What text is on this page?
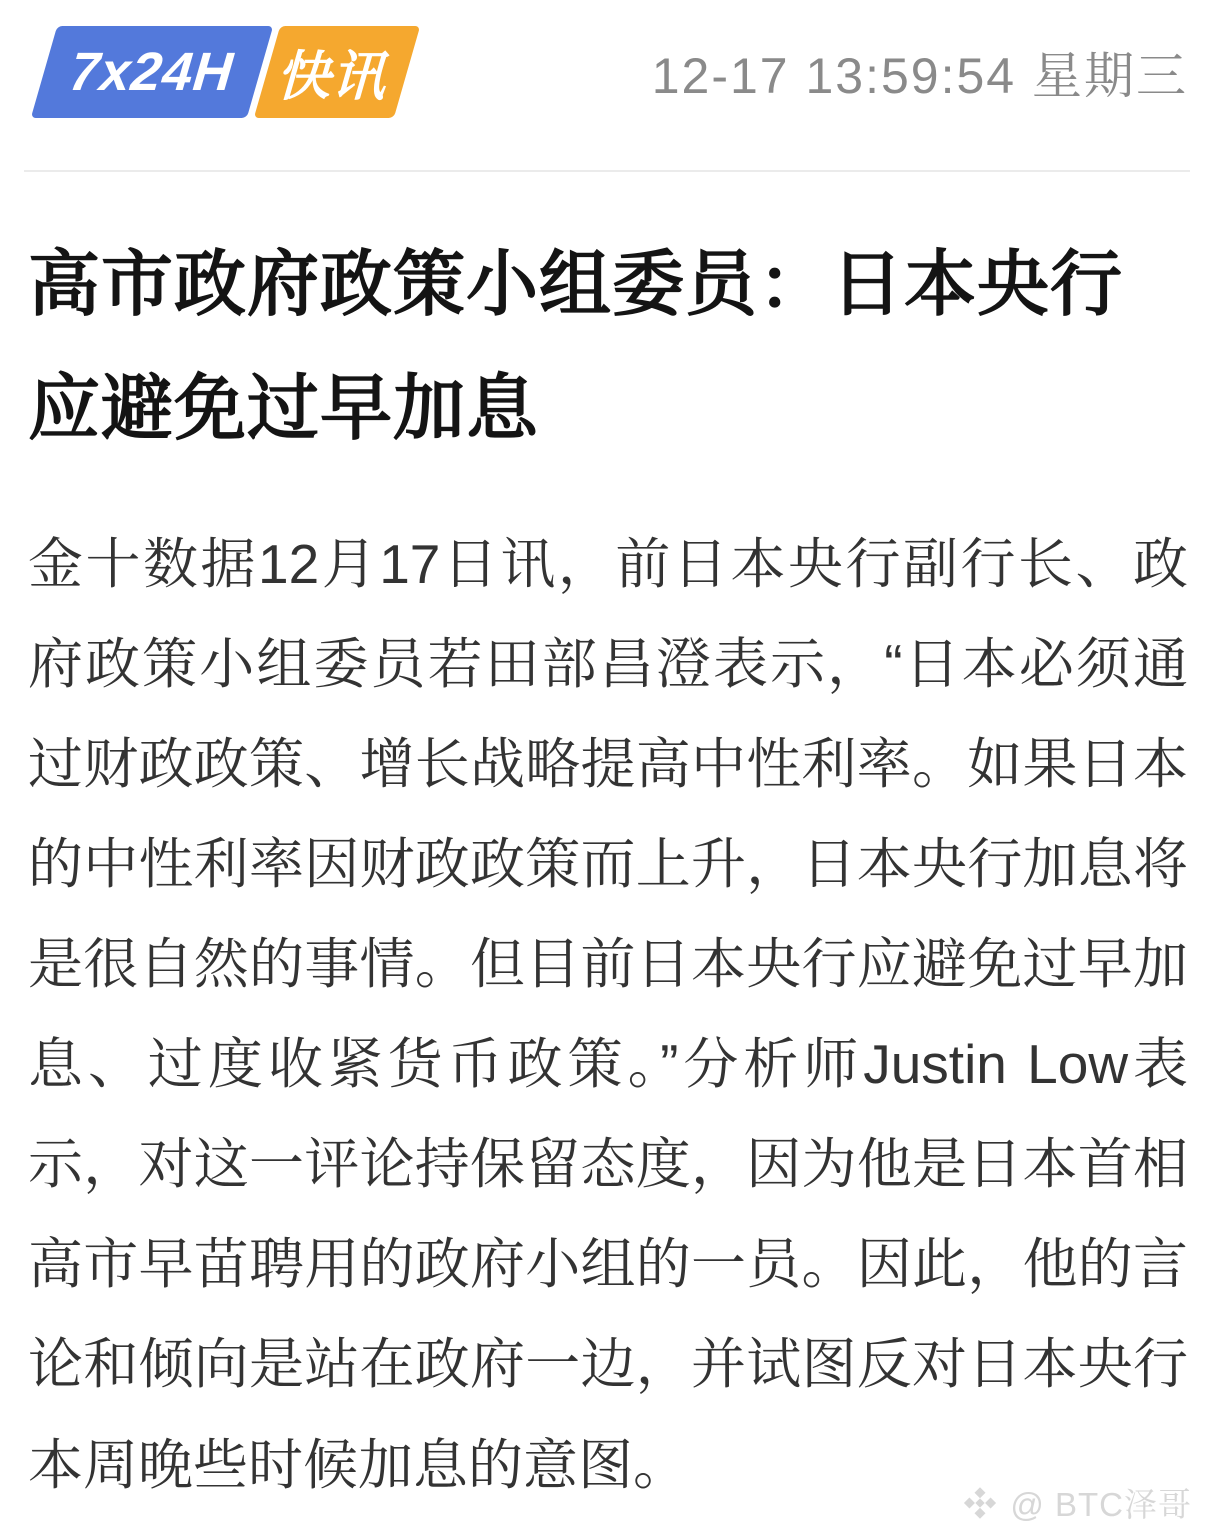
7x24H 快讯	12-17 13:59:54 星期三
高市政府政策小组委员：日本央行应避免过早加息

金十数据12月17日讯，前日本央行副行长、政府政策小组委员若田部昌澄表示，“日本必须通过财政政策、增长战略提高中性利率。如果日本的中性利率因财政政策而上升，日本央行加息将是很自然的事情。但目前日本央行应避免过早加息、过度收紧货币政策。”分析师Justin Low表示，对这一评论持保留态度，因为他是日本首相高市早苗聘用的政府小组的一员。因此，他的言论和倾向是站在政府一边，并试图反对日本央行本周晚些时候加息的意图。

@ BTC泽哥
